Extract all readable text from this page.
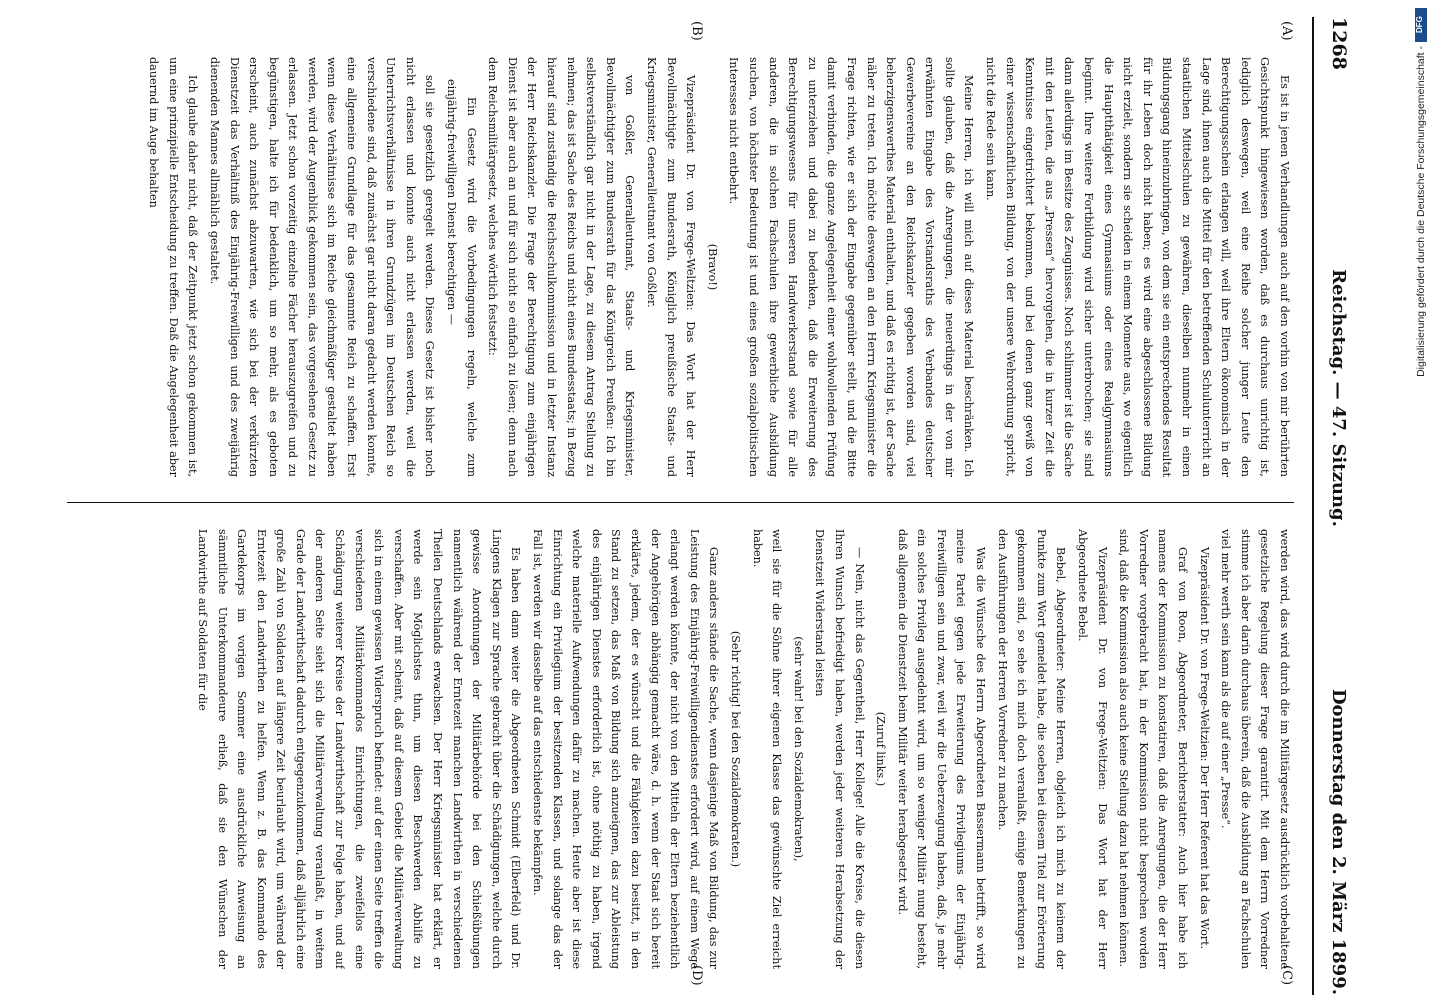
1268
Reichstag. — 47. Sitzung.
Donnerstag den 2. März 1899.
(A)
(B)
(C)
(D)

Es ist in jenen Verhandlungen auch auf den vorhin von mir berührten Gesichtspunkt hingewiesen worden, daß es durchaus unrichtig ist, lediglich deswegen, weil eine Reihe solcher junger Leute den Berechtigungsschein erlangen will, weil ihre Eltern ökonomisch in der Lage sind, ihnen auch die Mittel für den betreffenden Schulunterricht an staatlichen Mittelschulen zu gewähren, dieselben nunmehr in einen Bildungsgang hineinzubringen, von dem sie ein entsprechendes Resultat für ihr Leben doch nicht haben; es wird eine abgeschlossene Bildung nicht erzielt, sondern sie scheiden in einem Momente aus, wo eigentlich die Hauptthätigkeit eines Gymnasiums oder eines Realgymnasiums beginnt. Ihre weitere Fortbildung wird sicher unterbrochen; sie sind dann allerdings im Besitze des Zeugnisses. Noch schlimmer ist die Sache mit den Leuten, die aus „Pressen“ hervorgehen, die in kurzer Zeit die Kenntnisse eingetrichtert bekommen, und bei denen ganz gewiß von einer wissenschaftlichen Bildung, von der unsere Wehrordnung spricht, nicht die Rede sein kann.

Meine Herren, ich will mich auf dieses Material beschränken. Ich sollte glauben, daß die Anregungen, die neuerdings in der von mir erwähnten Eingabe des Vorstandsraths des Verbandes deutscher Gewerbevereine an den Reichskanzler gegeben worden sind, viel beherzigenswerthes Material enthalten, und daß es richtig ist, der Sache näher zu treten. Ich möchte deswegen an den Herrn Kriegsminister die Frage richten, wie er sich der Eingabe gegenüber stellt, und die Bitte damit verbinden, die ganze Angelegenheit einer wohlwollenden Prüfung zu unterziehen und dabei zu bedenken, daß die Erweiterung des Berechtigungswesens für unseren Handwerkerstand sowie für alle anderen, die in solchen Fachschulen ihre gewerbliche Ausbildung suchen, von höchster Bedeutung ist und eines großen sozialpolitischen Interesses nicht entbehrt.

(Bravo!)

Vizepräsident Dr. von Frege-Weltzien: Das Wort hat der Herr Bevollmächtigte zum Bundesrath, Königlich preußische Staats- und Kriegsminister, Generalleutnant von Goßler.

von Goßler, Generalleutnant, Staats- und Kriegsminister, Bevollmächtigter zum Bundesrath für das Königreich Preußen: Ich bin selbstverständlich gar nicht in der Lage, zu diesem Antrag Stellung zu nehmen; das ist Sache des Reichs und nicht eines Bundesstaats; in Bezug hierauf sind zuständig die Reichsschulkommission und in letzter Instanz der Herr Reichskanzler. Die Frage der Berechtigung zum einjährigen Dienst ist aber auch an und für sich nicht so einfach zu lösen; denn nach dem Reichsmilitärgesetz, welches wörtlich festsetzt:

Ein Gesetz wird die Vorbedingungen regeln, welche zum einjährig-freiwilligen Dienst berechtigen —

soll sie gesetzlich geregelt werden. Dieses Gesetz ist bisher noch nicht erlassen und konnte auch nicht erlassen werden, weil die Unterrichtsverhältnisse in ihren Grundzügen im Deutschen Reich so verschiedene sind, daß zunächst gar nicht daran gedacht werden konnte, eine allgemeine Grundlage für das gesammte Reich zu schaffen. Erst wenn diese Verhältnisse sich im Reiche gleichmäßiger gestaltet haben werden, wird der Augenblick gekommen sein, das vorgesehene Gesetz zu erlassen. Jetzt schon vorzeitig einzelne Fächer herauszugreifen und zu begünstigen, halte ich für bedenklich, um so mehr, als es geboten erscheint, auch zunächst abzuwarten, wie sich bei der verkürzten Dienstzeit das Verhältniß des Einjährig-Freiwilligen und des zweijährig dienenden Mannes allmählich gestaltet.

Ich glaube daher nicht, daß der Zeitpunkt jetzt schon gekommen ist, um eine prinzipielle Entscheidung zu treffen. Daß die Angelegenheit aber dauernd im Auge behalten

werden wird, das wird durch die im Militärgesetz ausdrücklich vorbehaltene gesetzliche Regelung dieser Frage garantirt. Mit dem Herrn Vorredner stimme ich aber darin durchaus überein, daß die Ausbildung an Fachschulen viel mehr werth sein kann als die auf einer „Presse“.

Vizepräsident Dr. von Frege-Weltzien: Der Herr Referent hat das Wort.

Graf von Roon, Abgeordneter, Berichterstatter: Auch hier habe ich namens der Kommission zu konstatiren, daß die Anregungen, die der Herr Vorredner vorgebracht hat, in der Kommission nicht besprochen worden sind, daß die Kommission also auch keine Stellung dazu hat nehmen können.

Vizepräsident Dr. von Frege-Weltzien: Das Wort hat der Herr Abgeordnete Bebel.

Bebel, Abgeordneter: Meine Herren, obgleich ich mich zu keinem der Punkte zum Wort gemeldet habe, die soeben bei diesem Titel zur Erörterung gekommen sind, so sehe ich mich doch veranlaßt, einige Bemerkungen zu den Ausführungen der Herren Vorredner zu machen.

Was die Wünsche des Herrn Abgeordneten Bassermann betrifft, so wird meine Partei gegen jede Erweiterung des Privilegiums der Einjährig-Freiwilligen sein und zwar, weil wir die Ueberzeugung haben, daß, je mehr ein solches Privileg ausgedehnt wird, um so weniger Militär nung besteht, daß allgemein die Dienstzeit beim Militär weiter herabgesetzt wird.

(Zuruf links.)

— Nein, nicht das Gegentheil, Herr Kollege! Alle die Kreise, die diesen Ihren Wunsch befriedigt haben, werden jeder weiteren Herabsetzung der Dienstzeit Widerstand leisten

(sehr wahr! bei den Sozialdemokraten),

weil sie für die Söhne ihrer eigenen Klasse das gewünschte Ziel erreicht haben.

(Sehr richtig! bei den Sozialdemokraten.)

Ganz anders stände die Sache, wenn dasjenige Maß von Bildung, das zur Leistung des Einjährig-Freiwilligendienstes erfordert wird, auf einem Wege erlangt werden könnte, der nicht von den Mitteln der Eltern beziehentlich der Angehörigen abhängig gemacht wäre, d. h. wenn der Staat sich bereit erklärte, jedem, der es wünscht und die Fähigkeiten dazu besitzt, in den Stand zu setzen, das Maß von Bildung sich anzueignen, das zur Ableistung des einjährigen Dienstes erforderlich ist, ohne nöthig zu haben, irgend welche materielle Aufwendungen dafür zu machen. Heute aber ist diese Einrichtung ein Privilegium der besitzenden Klassen, und solange das der Fall ist, werden wir dasselbe auf das entschiedenste bekämpfen.

Es haben dann weiter die Abgeordneten Schmidt (Elberfeld) und Dr. Lingens Klagen zur Sprache gebracht über die Schädigungen, welche durch gewisse Anordnungen der Militärbehörde bei den Schießübungen namentlich während der Erntezeit manchen Landwirthen in verschiedenen Theilen Deutschlands erwachsen. Der Herr Kriegsminister hat erklärt, er werde sein Möglichstes thun, um diesen Beschwerden Abhilfe zu verschaffen. Aber mit scheint, daß auf diesem Gebiet die Militärverwaltung sich in einem gewissen Widerspruch befindet: auf der einen Seite treffen die verschiedenen Militärkommandos Einrichtungen, die zweifellos eine Schädigung weiterer Kreise der Landwirthschaft zur Folge haben, und auf der anderen Seite sieht sich die Militärverwaltung veranlaßt, in weitem Grade der Landwirthschaft dadurch entgegenzukommen, daß alljährlich eine große Zahl von Soldaten auf längere Zeit beurlaubt wird, um während der Erntezeit den Landwirthen zu helfen. Wenn z. B. das Kommando des Gardekorps im vorigen Sommer eine ausdrückliche Anweisung an sämmtliche Unterkommandeure erließ, daß sie den Wünschen der Landwirthe auf Soldaten für die

DFG
Digitalisierung gefördert durch die Deutsche Forschungsgemeinschaft -
